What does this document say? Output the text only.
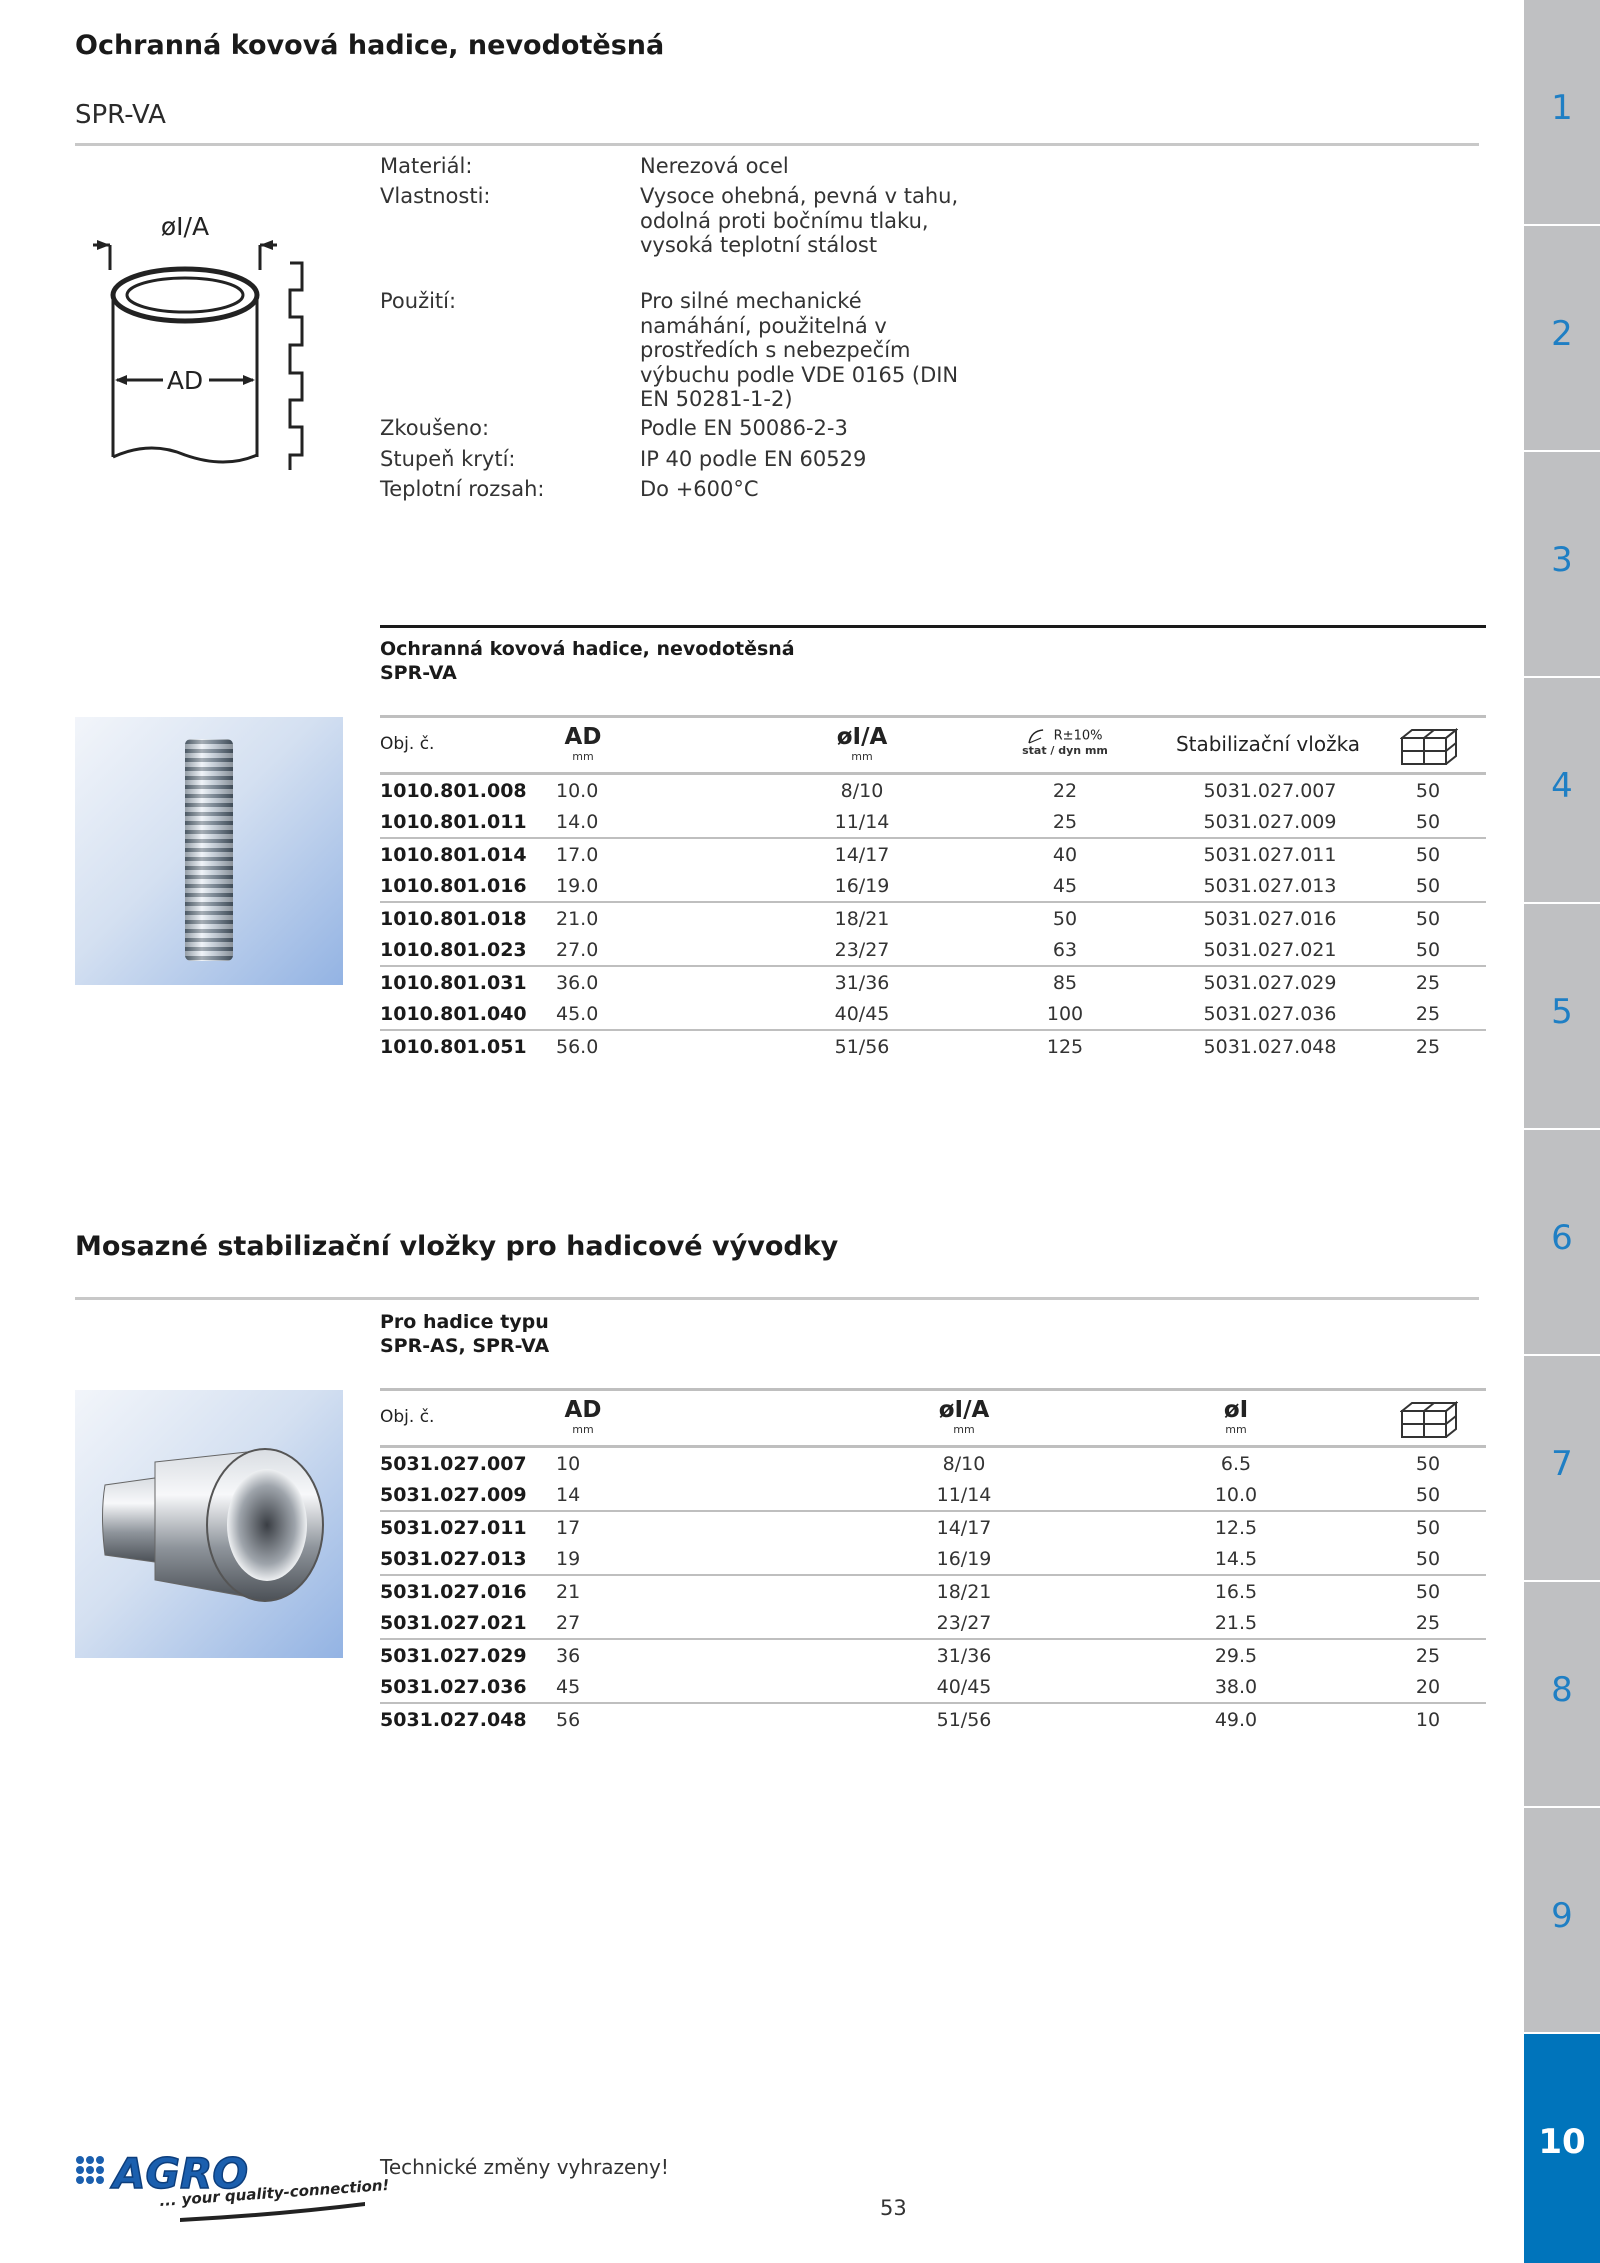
Ochranná kovová hadice, nevodotěsná
SPR-VA
øI/A
AD
Materiál:	Nerezová ocel
Vlastnosti:	Vysoce ohebná, pevná v tahu, odolná proti bočnímu tlaku, vysoká teplotní stálost
Použití:	Pro silné mechanické namáhání, použitelná v prostředích s nebezpečím výbuchu podle VDE 0165 (DIN EN 50281-1-2)
Zkoušeno:	Podle EN 50086-2-3
Stupeň krytí:	IP 40 podle EN 60529
Teplotní rozsah:	Do +600°C
Ochranná kovová hadice, nevodotěsná
SPR-VA
Obj. č.	AD
mm
øI/A
mm
R±10%
stat / dyn mm	Stabilizační vložka
1010.801.008 10.0	8/10	22	5031.027.007	50
1010.801.011 14.0	11/14	25	5031.027.009	50
1010.801.014 17.0	14/17	40	5031.027.011	50
1010.801.016 19.0	16/19	45	5031.027.013	50
1010.801.018 21.0	18/21	50	5031.027.016	50
1010.801.023 27.0	23/27	63	5031.027.021	50
1010.801.031 36.0	31/36	85	5031.027.029	25
1010.801.040 45.0	40/45	100	5031.027.036	25
1010.801.051 56.0	51/56	125	5031.027.048	25
Mosazné stabilizační vložky pro hadicové vývodky
Pro hadice typu
SPR-AS, SPR-VA
Obj. č.	AD
mm
øI/A
mm
øI
mm
5031.027.007 10	8/10	6.5	50
5031.027.009 14	11/14	10.0	50
5031.027.011 17	14/17	12.5	50
5031.027.013 19	16/19	14.5	50
5031.027.016 21	18/21	16.5	50
5031.027.021 27	23/27	21.5	25
5031.027.029 36	31/36	29.5	25
5031.027.036 45	40/45	38.0	20
5031.027.048 56	51/56	49.0	10
AGRO
... your quality-connection!
Technické změny vyhrazeny!
53
1
2
3
4
5
6
7
8
9
10
